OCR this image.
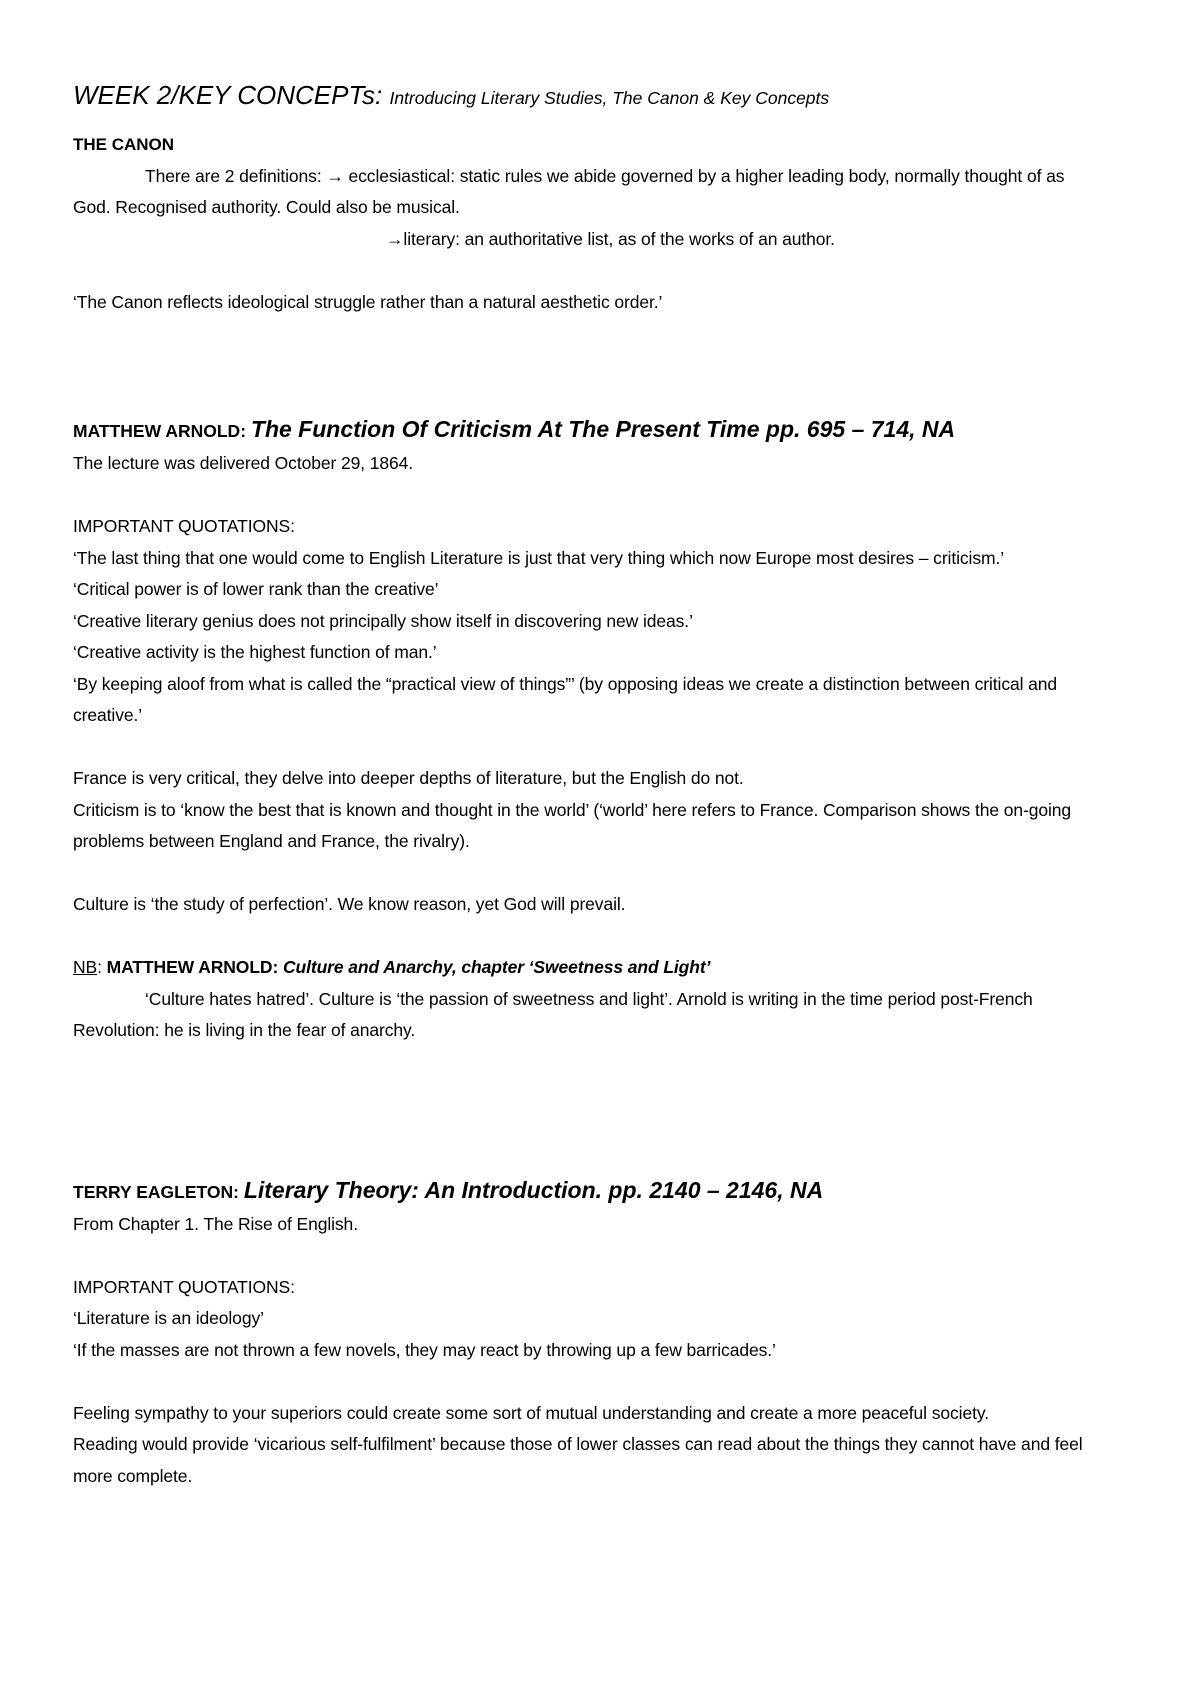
WEEK 2/KEY CONCEPTs: Introducing Literary Studies, The Canon & Key Concepts

THE CANON

There are 2 definitions: → ecclesiastical: static rules we abide governed by a higher leading body, normally thought of as God. Recognised authority. Could also be musical.

→literary: an authoritative list, as of the works of an author.

‘The Canon reflects ideological struggle rather than a natural aesthetic order.’

MATTHEW ARNOLD: The Function Of Criticism At The Present Time pp. 695 – 714, NA

The lecture was delivered October 29, 1864.

IMPORTANT QUOTATIONS:

‘The last thing that one would come to English Literature is just that very thing which now Europe most desires – criticism.’

‘Critical power is of lower rank than the creative’

‘Creative literary genius does not principally show itself in discovering new ideas.’

‘Creative activity is the highest function of man.’

‘By keeping aloof from what is called the “practical view of things”’ (by opposing ideas we create a distinction between critical and creative.’

France is very critical, they delve into deeper depths of literature, but the English do not.

Criticism is to ‘know the best that is known and thought in the world’ (‘world’ here refers to France. Comparison shows the on-going problems between England and France, the rivalry).

Culture is ‘the study of perfection’. We know reason, yet God will prevail.

NB: MATTHEW ARNOLD: Culture and Anarchy, chapter ‘Sweetness and Light’

‘Culture hates hatred’. Culture is ‘the passion of sweetness and light’. Arnold is writing in the time period post-French Revolution: he is living in the fear of anarchy.

TERRY EAGLETON: Literary Theory: An Introduction. pp. 2140 – 2146, NA

From Chapter 1. The Rise of English.

IMPORTANT QUOTATIONS:

‘Literature is an ideology’

‘If the masses are not thrown a few novels, they may react by throwing up a few barricades.’

Feeling sympathy to your superiors could create some sort of mutual understanding and create a more peaceful society.

Reading would provide ‘vicarious self-fulfilment’ because those of lower classes can read about the things they cannot have and feel more complete.
